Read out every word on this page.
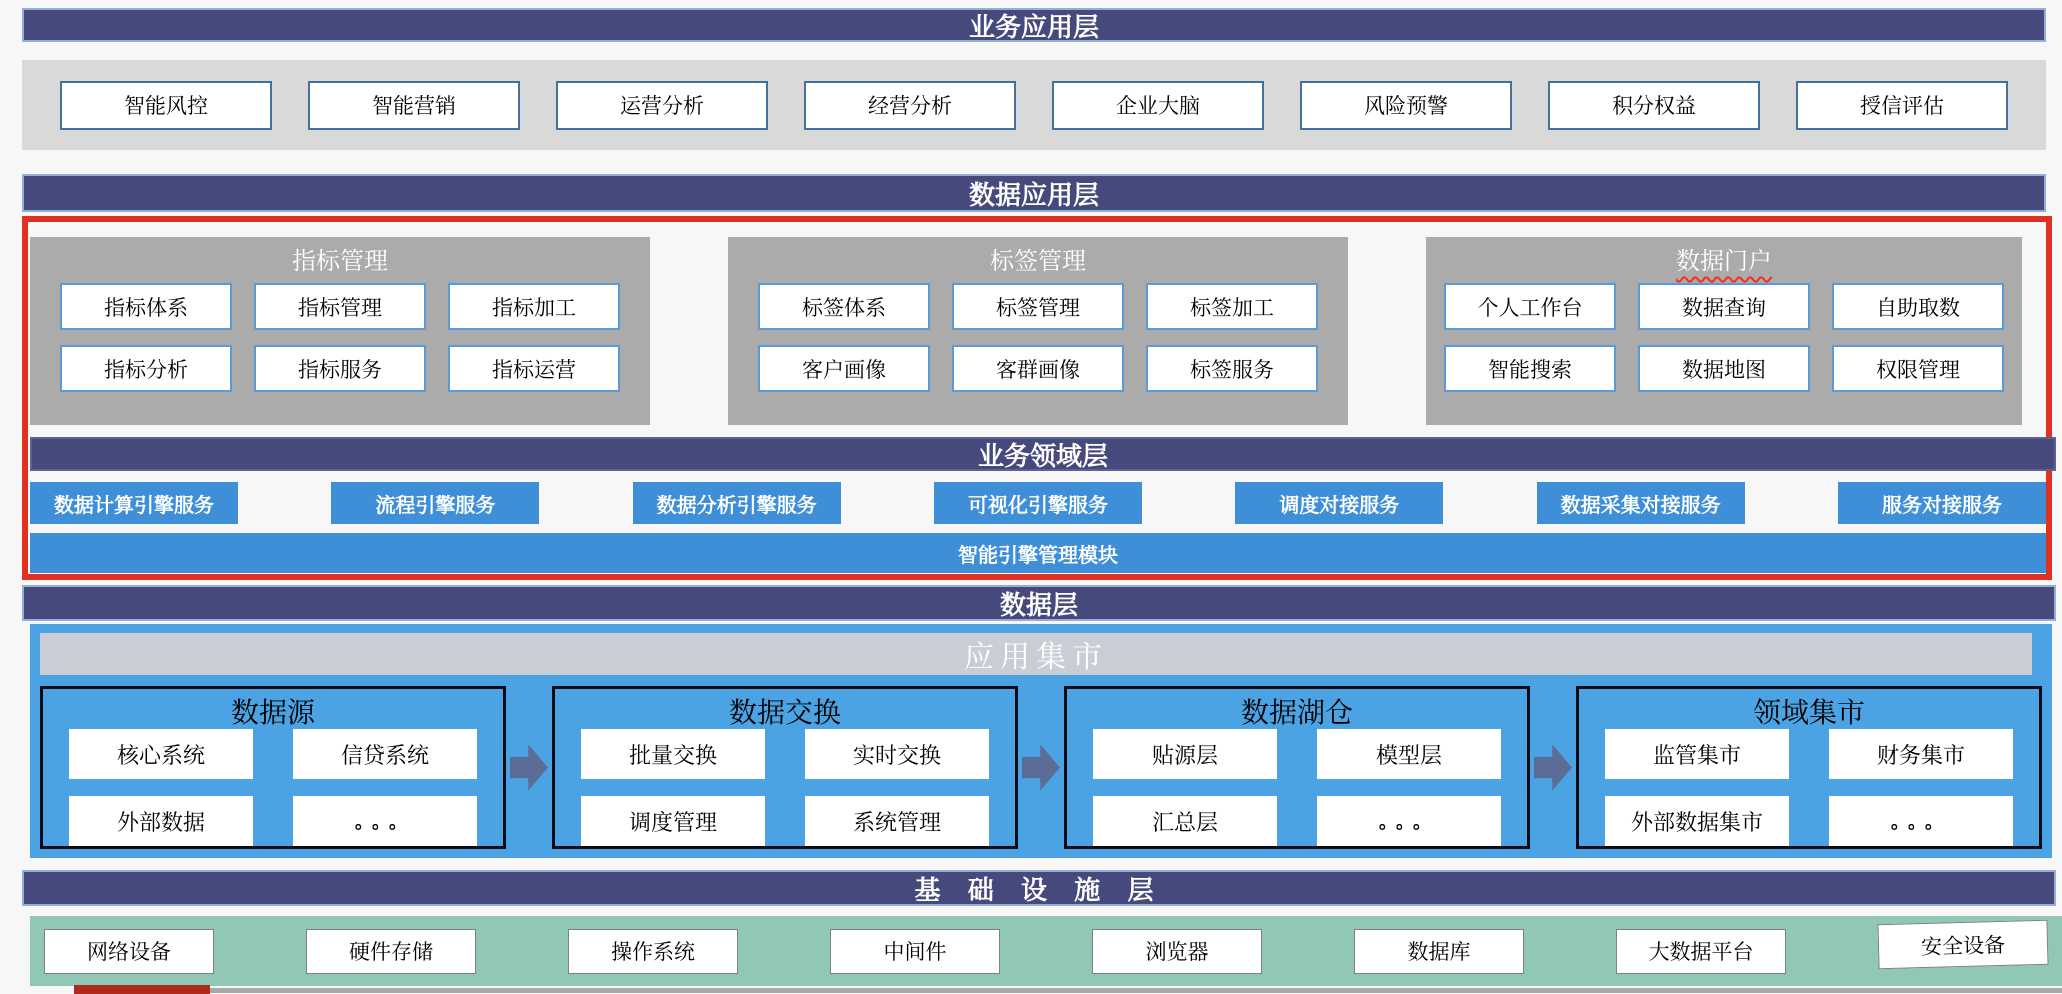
业务应用层
智能风控	智能营销	运营分析	经营分析	企业大脑	风险预警	积分权益	授信评估
数据应用层
指标管理
指标体系	指标管理	指标加工
指标分析	指标服务	指标运营
标签管理
标签体系	标签管理	标签加工
客户画像	客群画像	标签服务
数据门户
个人工作台	数据查询	自助取数
智能搜索	数据地图	权限管理
业务领域层
数据计算引擎服务	流程引擎服务	数据分析引擎服务	可视化引擎服务	调度对接服务	数据采集对接服务	服务对接服务
智能引擎管理模块
数据层
应用集市
数据源
核心系统	信贷系统
外部数据	。。。
数据交换
批量交换	实时交换
调度管理	系统管理
数据湖仓
贴源层	模型层
汇总层	。。。
领域集市
监管集市	财务集市
外部数据集市	。。。
基 础 设 施 层
网络设备	硬件存储	操作系统	中间件	浏览器	数据库	大数据平台	安全设备
